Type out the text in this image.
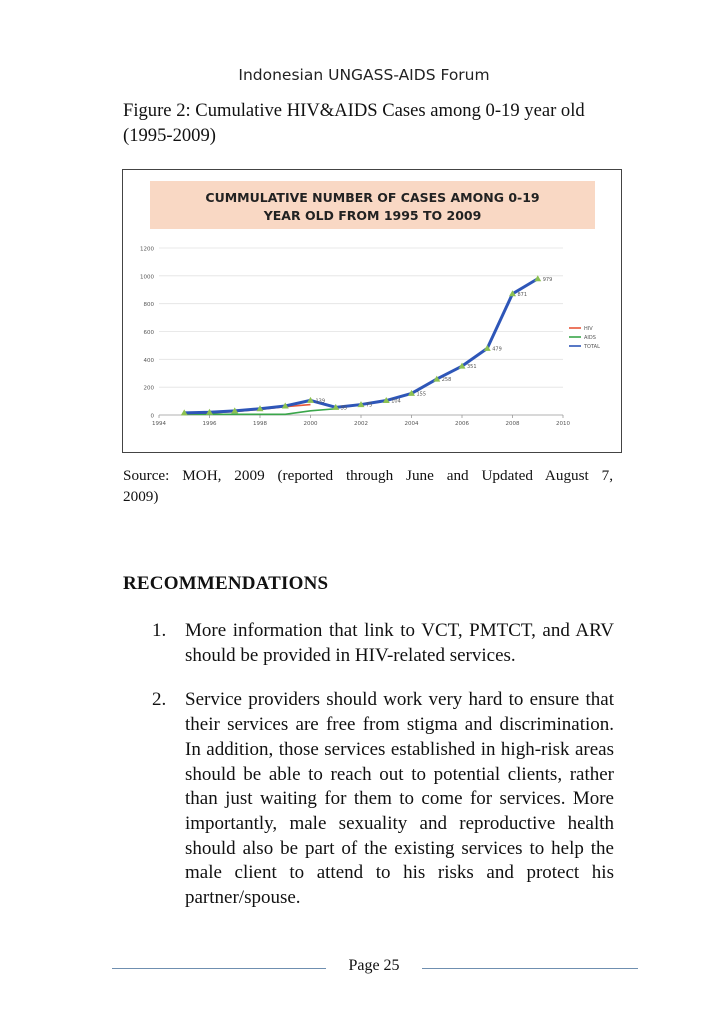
Indonesian UNGASS-AIDS Forum
Figure 2: Cumulative HIV&AIDS Cases among 0-19 year old (1995-2009)
CUMMULATIVE NUMBER OF CASES AMONG 0-19
YEAR OLD FROM 1995 TO 2009
0
200
400
600
800
1000
1200
1994	1996	1998	2000	2002	2004	2006	2008	2010
139
55	75
104
155
258
351
479
871
979
HIV
AIDS
TOTAL
Source: MOH, 2009 (reported through June and Updated August 7,
2009)
RECOMMENDATIONS
1. More information that link to VCT, PMTCT, and ARV should be provided in HIV-related services.
2. Service providers should work very hard to ensure that their services are free from stigma and discrimination. In addition, those services established in high-risk areas should be able to reach out to potential clients, rather than just waiting for them to come for services. More importantly, male sexuality and reproductive health should also be part of the existing services to help the male client to attend to his risks and protect his partner/spouse.
Page 25
